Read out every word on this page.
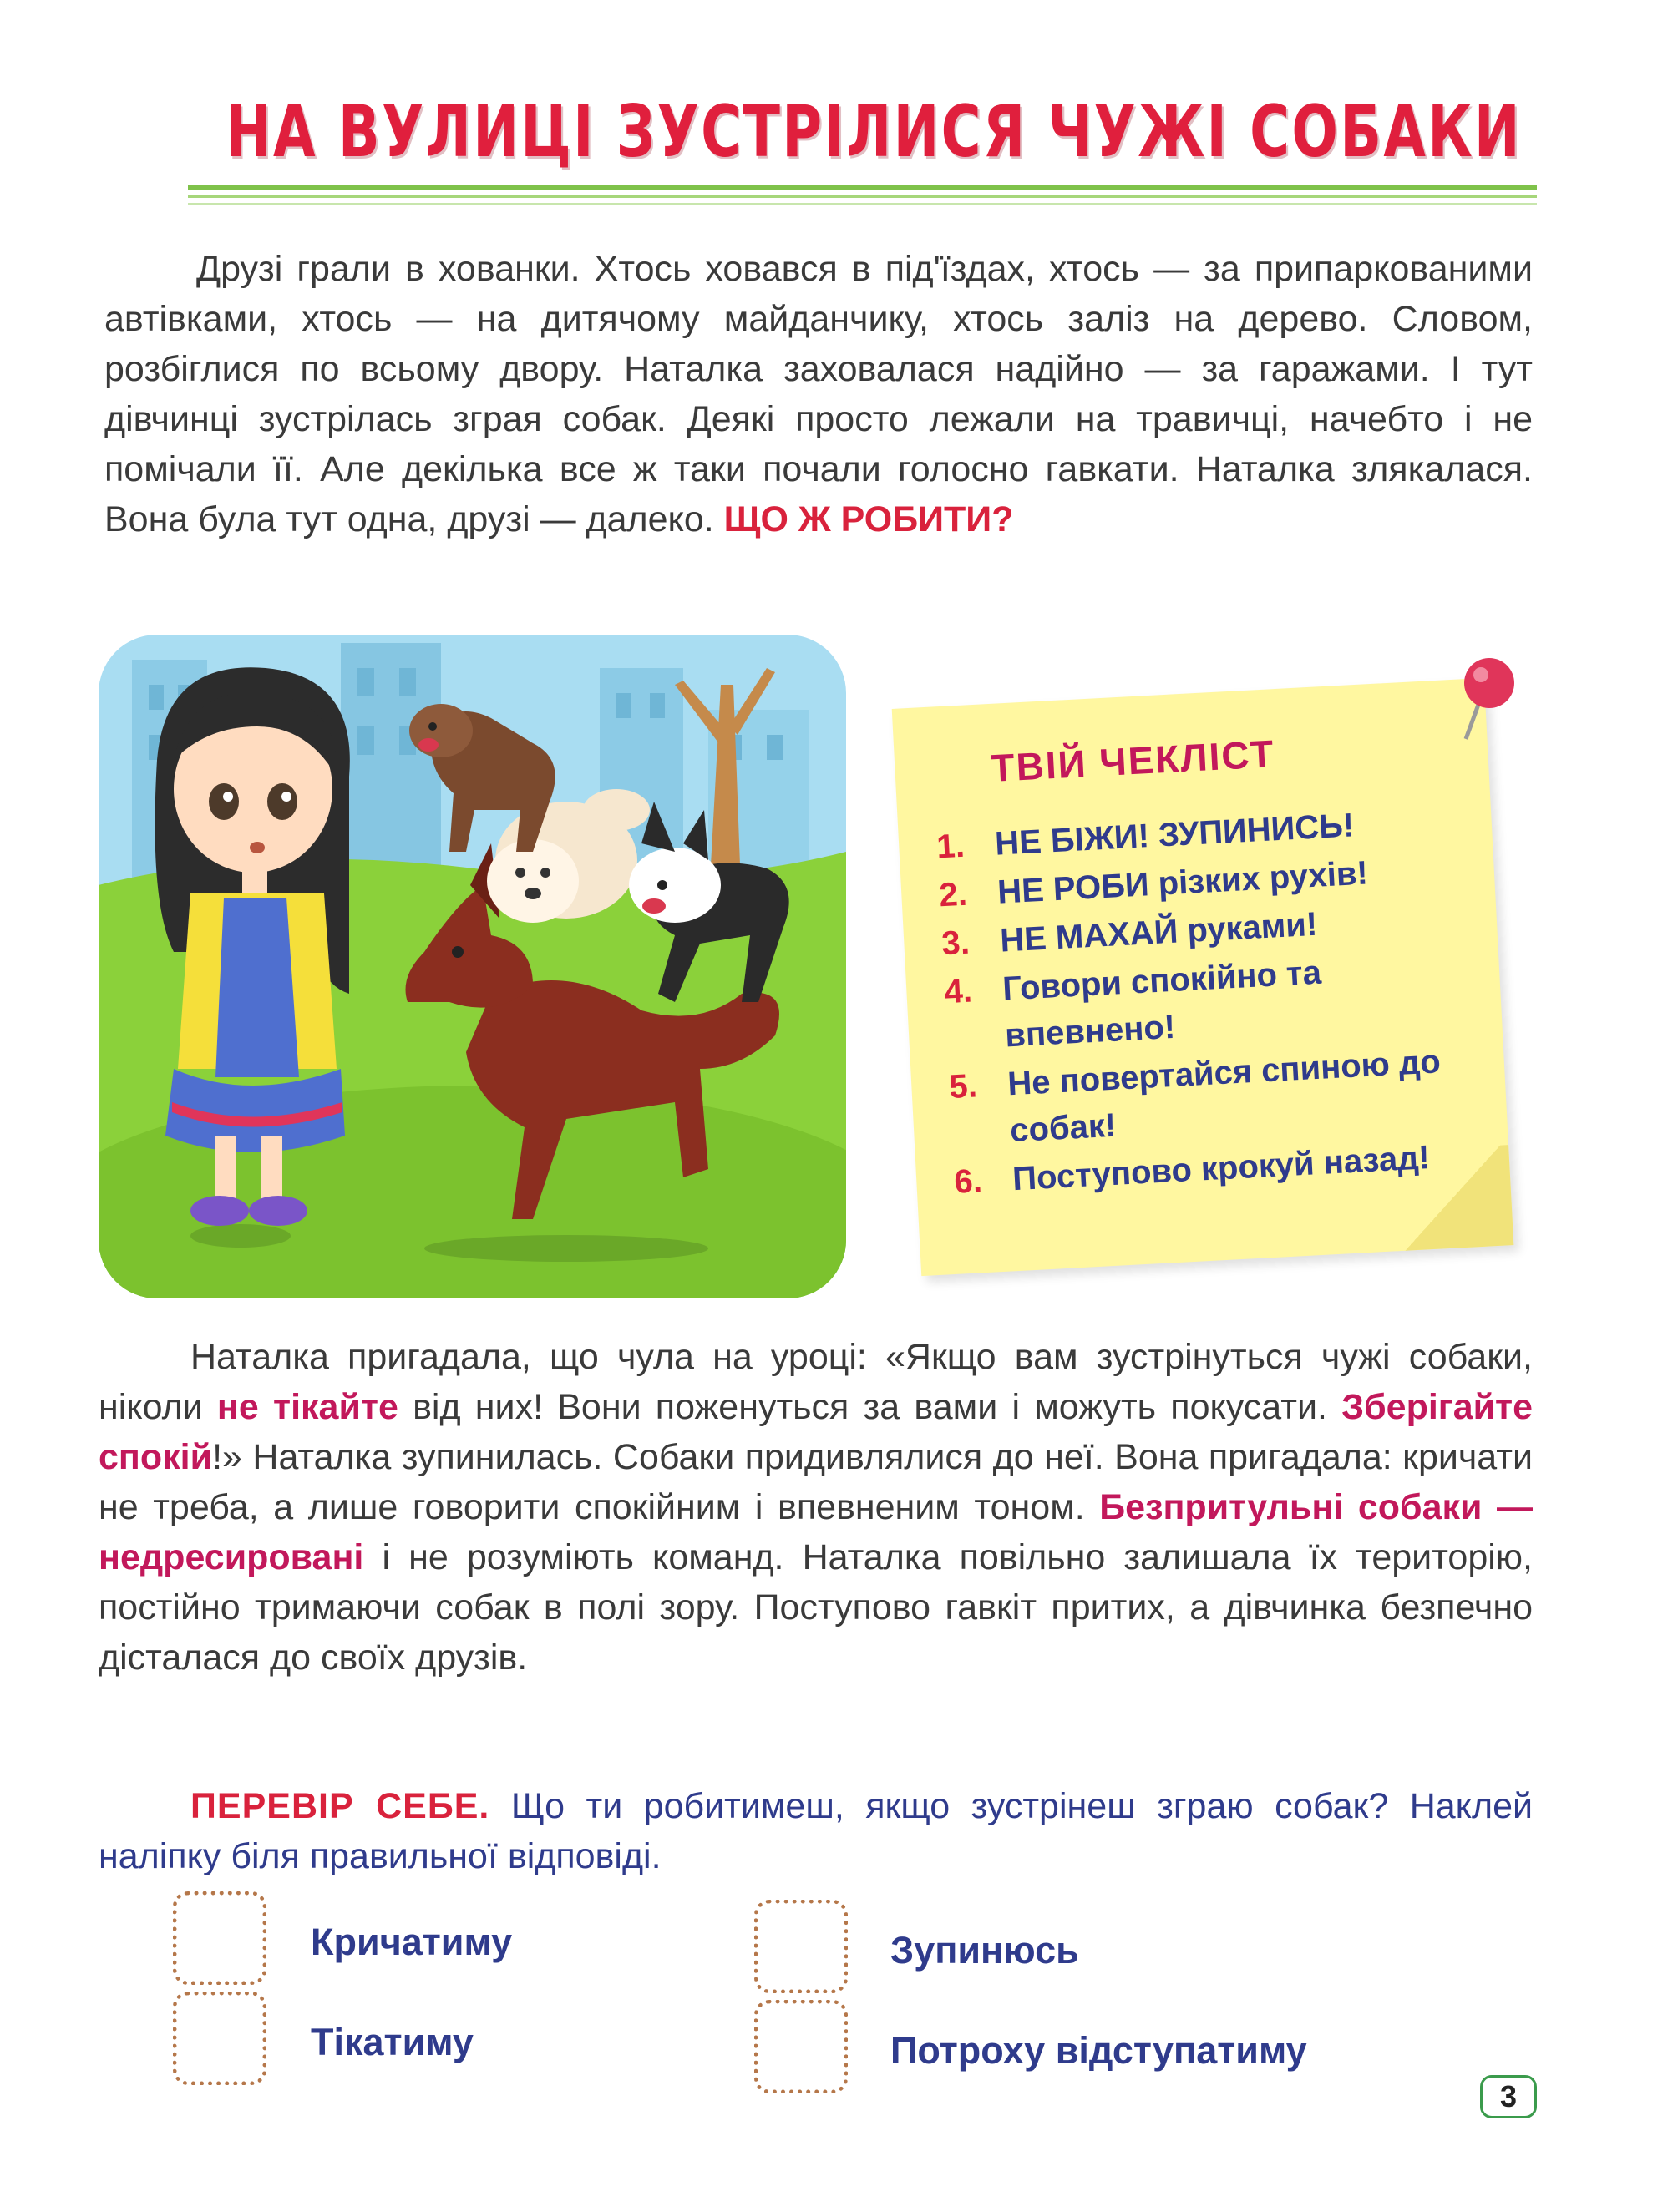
НА ВУЛИЦІ ЗУСТРІЛИСЯ ЧУЖІ СОБАКИ

Друзі грали в хованки. Хтось ховався в під'їздах, хтось — за припаркованими автівками, хтось — на дитячому майданчику, хтось заліз на дерево. Словом, розбіглися по всьому двору. Наталка заховалася надійно — за гаражами. І тут дівчинці зустрілась зграя собак. Деякі просто лежали на травичці, начебто і не помічали її. Але декілька все ж таки почали голосно гавкати. Наталка злякалася. Вона була тут одна, друзі — далеко. ЩО Ж РОБИТИ?

ТВІЙ ЧЕКЛІСТ
1. НЕ БІЖИ! ЗУПИНИСЬ!
2. НЕ РОБИ різких рухів!
3. НЕ МАХАЙ руками!
4. Говори спокійно та впевнено!
5. Не повертайся спиною до собак!
6. Поступово крокуй назад!

Наталка пригадала, що чула на уроці: «Якщо вам зустрінуться чужі собаки, ніколи не тікайте від них! Вони поженуться за вами і можуть покусати. Зберігайте спокій!» Наталка зупинилась. Собаки придивлялися до неї. Вона пригадала: кричати не треба, а лише говорити спокійним і впевненим тоном. Безпритульні собаки — недресировані і не розуміють команд. Наталка повільно залишала їх територію, постійно тримаючи собак в полі зору. Поступово гавкіт притих, а дівчинка безпечно дісталася до своїх друзів.

ПЕРЕВІР СЕБЕ. Що ти робитимеш, якщо зустрінеш зграю собак? Наклей наліпку біля правильної відповіді.

Кричатиму
Тікатиму
Зупинюсь
Потроху відступатиму
3
